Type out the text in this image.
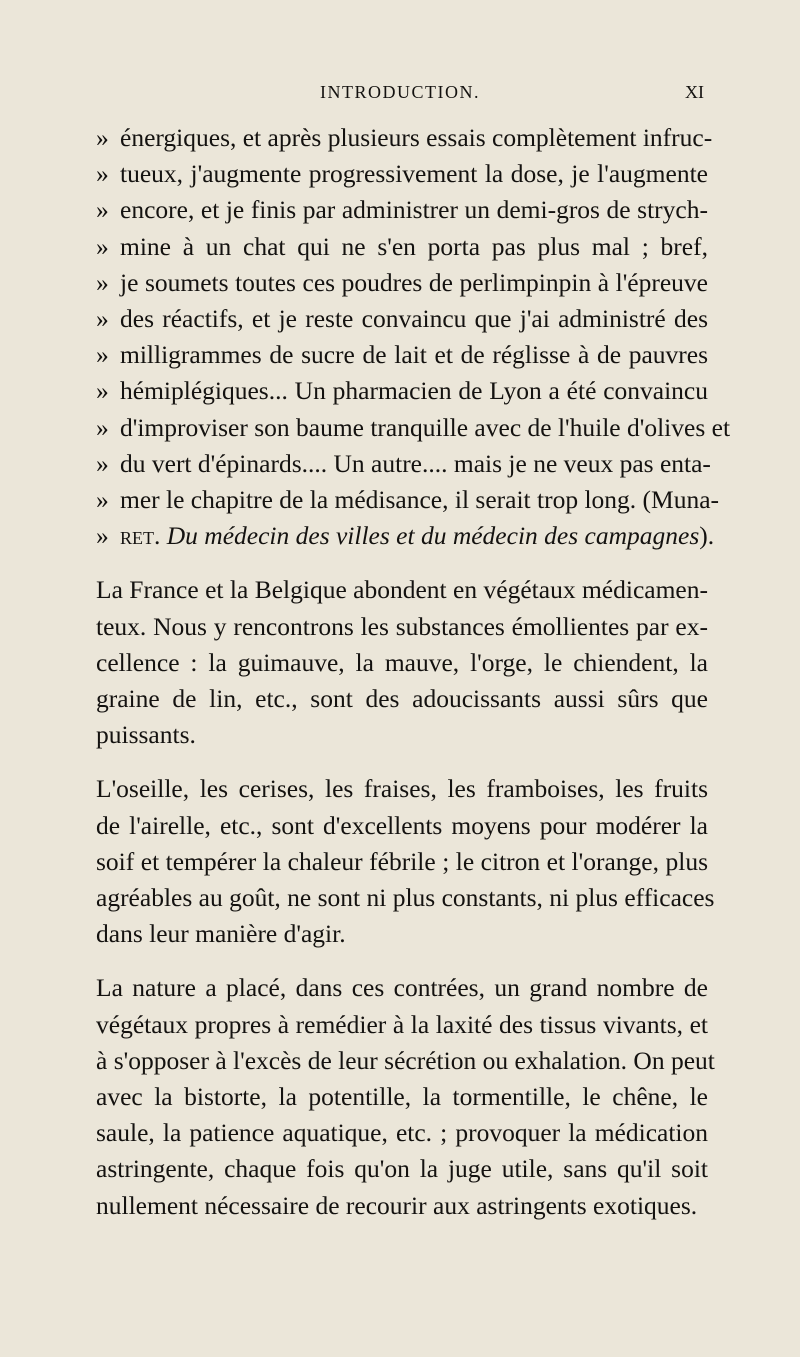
INTRODUCTION.	XI
» énergiques, et après plusieurs essais complètement infruc-
» tueux, j'augmente progressivement la dose, je l'augmente
» encore, et je finis par administrer un demi-gros de strych-
» mine à un chat qui ne s'en porta pas plus mal ; bref,
» je soumets toutes ces poudres de perlimpinpin à l'épreuve
» des réactifs, et je reste convaincu que j'ai administré des
» milligrammes de sucre de lait et de réglisse à de pauvres
» hémiplégiques... Un pharmacien de Lyon a été convaincu
» d'improviser son baume tranquille avec de l'huile d'olives et
» du vert d'épinards.... Un autre.... mais je ne veux pas enta-
» mer le chapitre de la médisance, il serait trop long. (Muna-
» ret. Du médecin des villes et du médecin des campagnes).
La France et la Belgique abondent en végétaux médicamen-
teux. Nous y rencontrons les substances émollientes par ex-
cellence : la guimauve, la mauve, l'orge, le chiendent, la
graine de lin, etc., sont des adoucissants aussi sûrs que
puissants.
L'oseille, les cerises, les fraises, les framboises, les fruits
de l'airelle, etc., sont d'excellents moyens pour modérer la
soif et tempérer la chaleur fébrile ; le citron et l'orange, plus
agréables au goût, ne sont ni plus constants, ni plus efficaces
dans leur manière d'agir.
La nature a placé, dans ces contrées, un grand nombre de
végétaux propres à remédier à la laxité des tissus vivants, et
à s'opposer à l'excès de leur sécrétion ou exhalation. On peut
avec la bistorte, la potentille, la tormentille, le chêne, le
saule, la patience aquatique, etc. ; provoquer la médication
astringente, chaque fois qu'on la juge utile, sans qu'il soit
nullement nécessaire de recourir aux astringents exotiques.
